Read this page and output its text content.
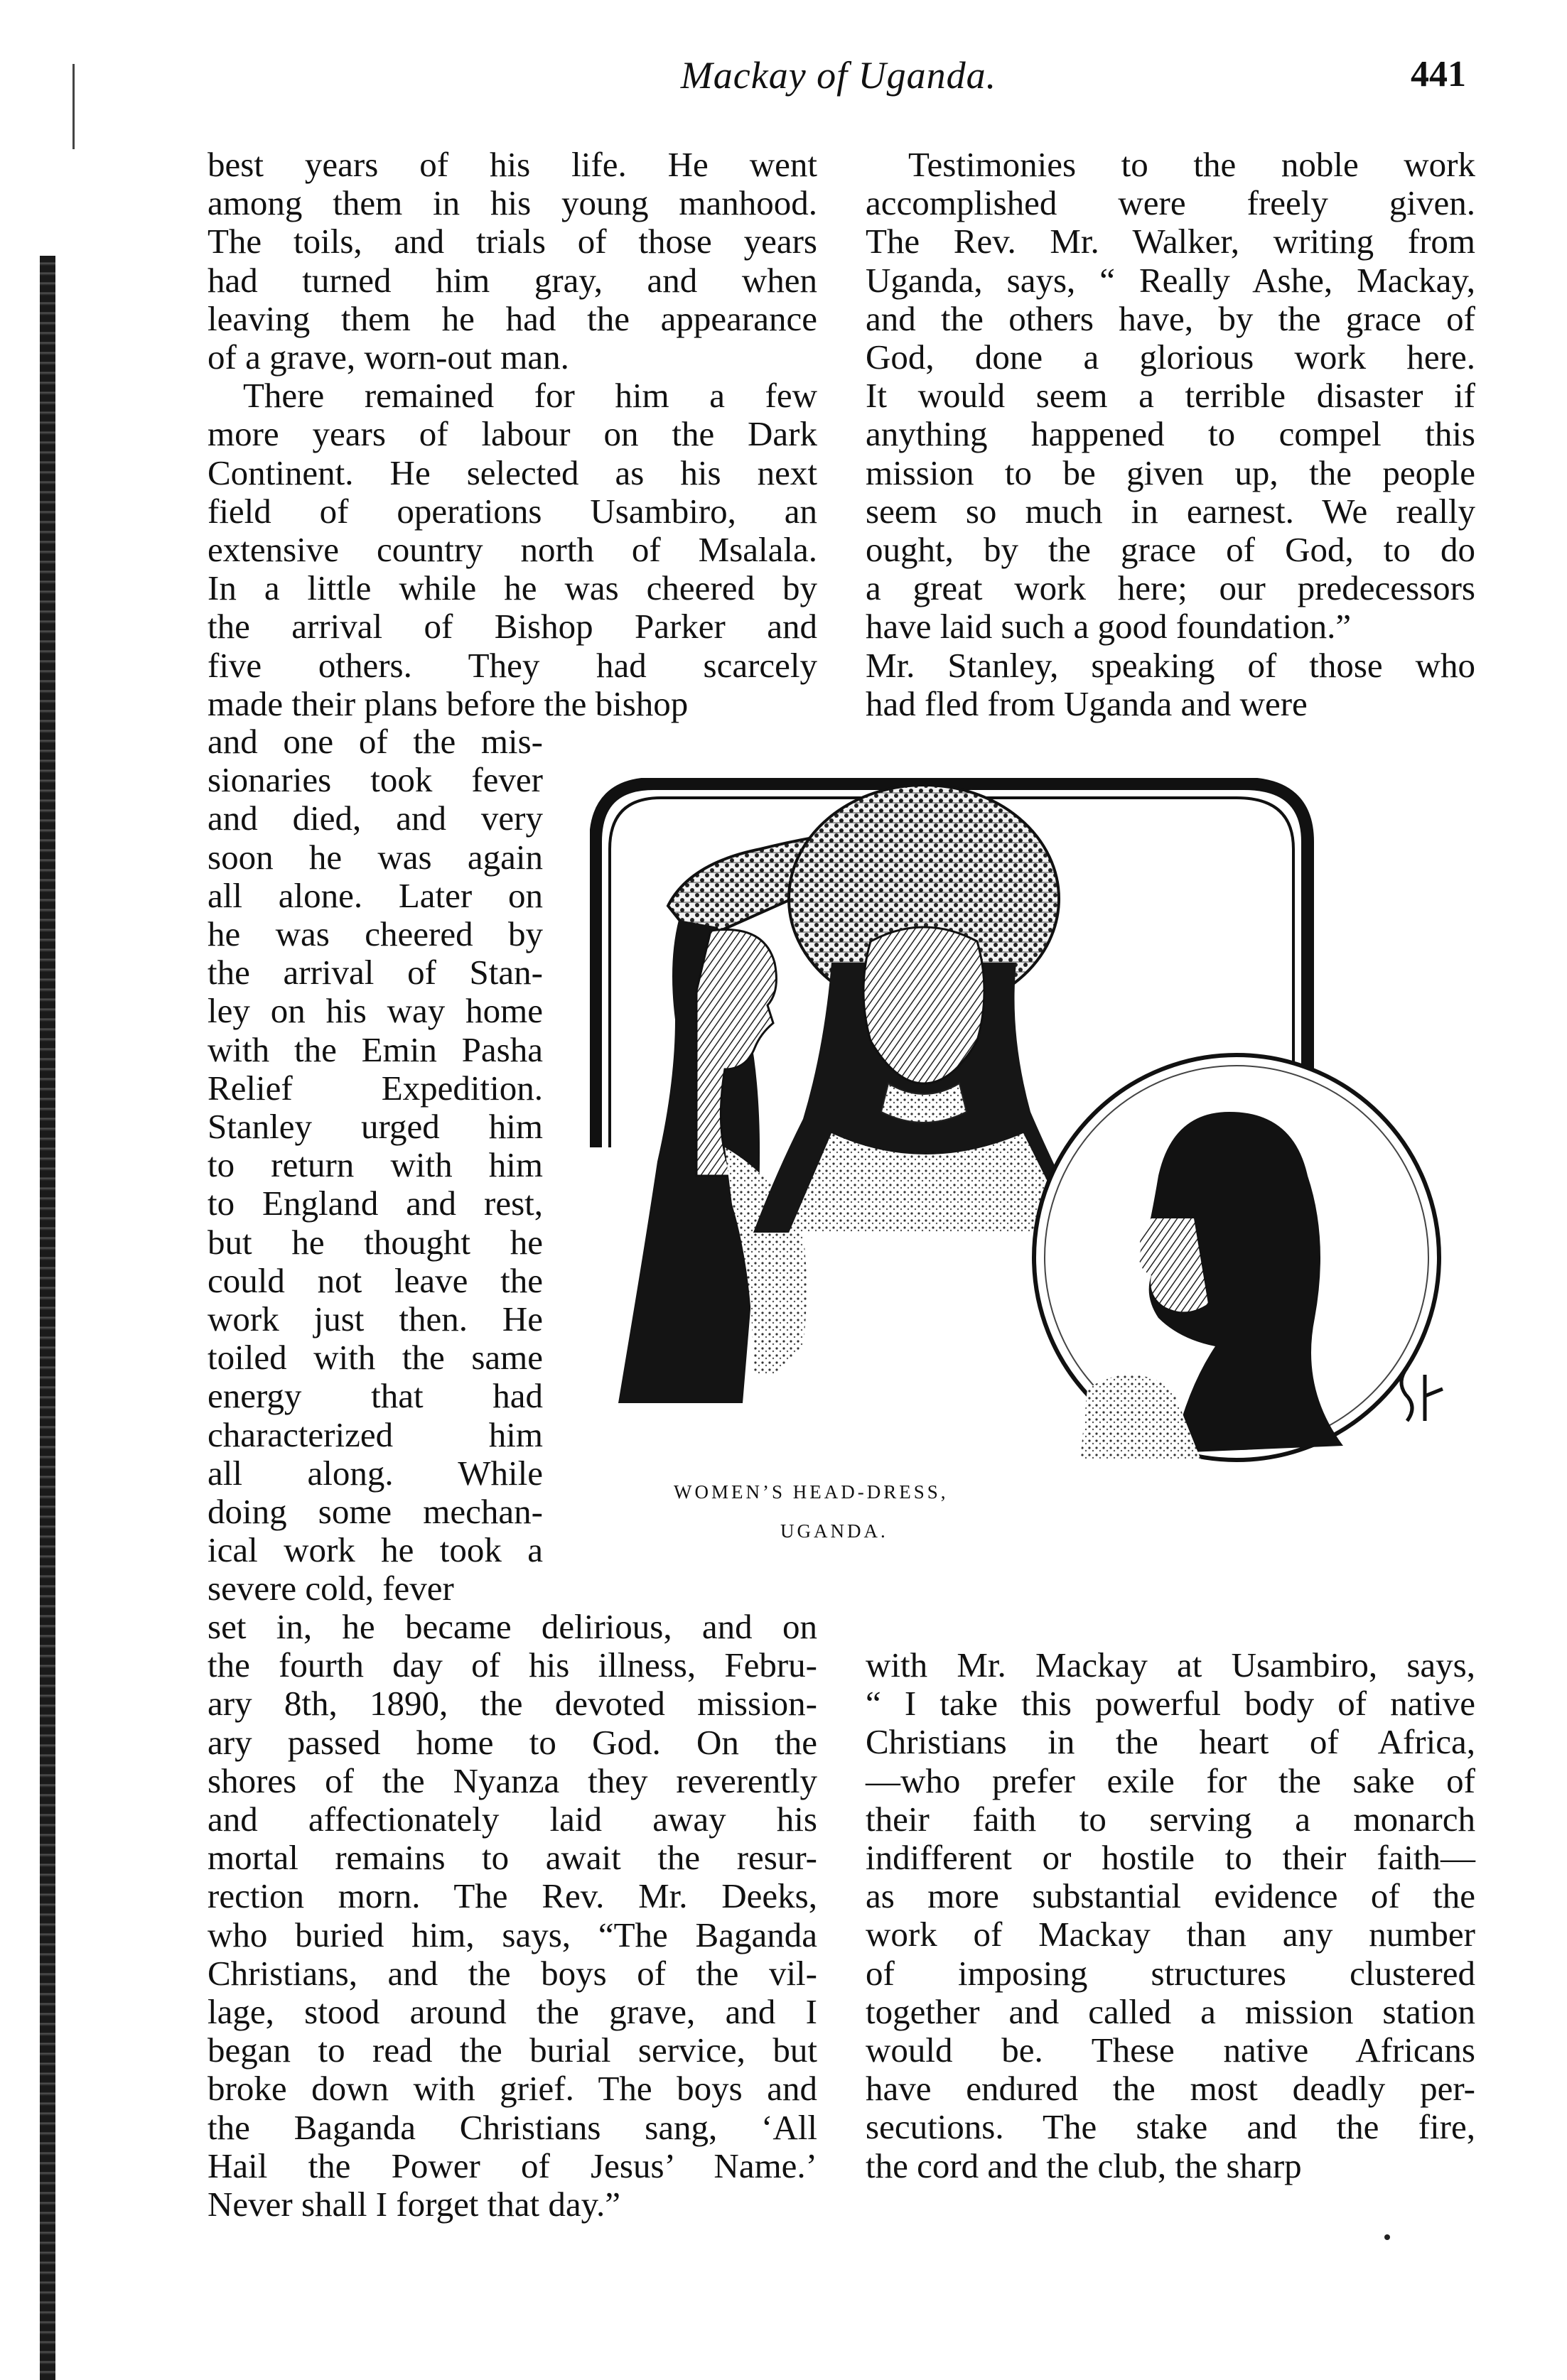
Mackay of Uganda.	441
best years of his life. He went
among them in his young manhood.
The toils, and trials of those years
had turned him gray, and when
leaving them he had the appearance
of a grave, worn-out man.
There remained for him a few
more years of labour on the Dark
Continent. He selected as his next
field of operations Usambiro, an
extensive country north of Msalala.
In a little while he was cheered by
the arrival of Bishop Parker and
five others. They had scarcely
made their plans before the bishop
and one of the mis-
sionaries took fever
and died, and very
soon he was again
all alone. Later on
he was cheered by
the arrival of Stan-
ley on his way home
with the Emin Pasha
Relief Expedition.
Stanley urged him
to return with him
to England and rest,
but he thought he
could not leave the
work just then. He
toiled with the same
energy that had
characterized him
all along. While
doing some mechan-
ical work he took a
severe cold, fever
set in, he became delirious, and on
the fourth day of his illness, Febru-
ary 8th, 1890, the devoted mission-
ary passed home to God. On the
shores of the Nyanza they reverently
and affectionately laid away his
mortal remains to await the resur-
rection morn. The Rev. Mr. Deeks,
who buried him, says, “The Baganda
Christians, and the boys of the vil-
lage, stood around the grave, and I
began to read the burial service, but
broke down with grief. The boys and
the Baganda Christians sang, ‘All
Hail the Power of Jesus’ Name.’
Never shall I forget that day.”
Testimonies to the noble work
accomplished were freely given.
The Rev. Mr. Walker, writing from
Uganda, says, “ Really Ashe, Mackay,
and the others have, by the grace of
God, done a glorious work here.
It would seem a terrible disaster if
anything happened to compel this
mission to be given up, the people
seem so much in earnest. We really
ought, by the grace of God, to do
a great work here; our predecessors
have laid such a good foundation.”
Mr. Stanley, speaking of those who
had fled from Uganda and were
with Mr. Mackay at Usambiro, says,
“ I take this powerful body of native
Christians in the heart of Africa,
—who prefer exile for the sake of
their faith to serving a monarch
indifferent or hostile to their faith—
as more substantial evidence of the
work of Mackay than any number
of imposing structures clustered
together and called a mission station
would be. These native Africans
have endured the most deadly per-
secutions. The stake and the fire,
the cord and the club, the sharp
WOMEN’S HEAD-DRESS,
UGANDA.
